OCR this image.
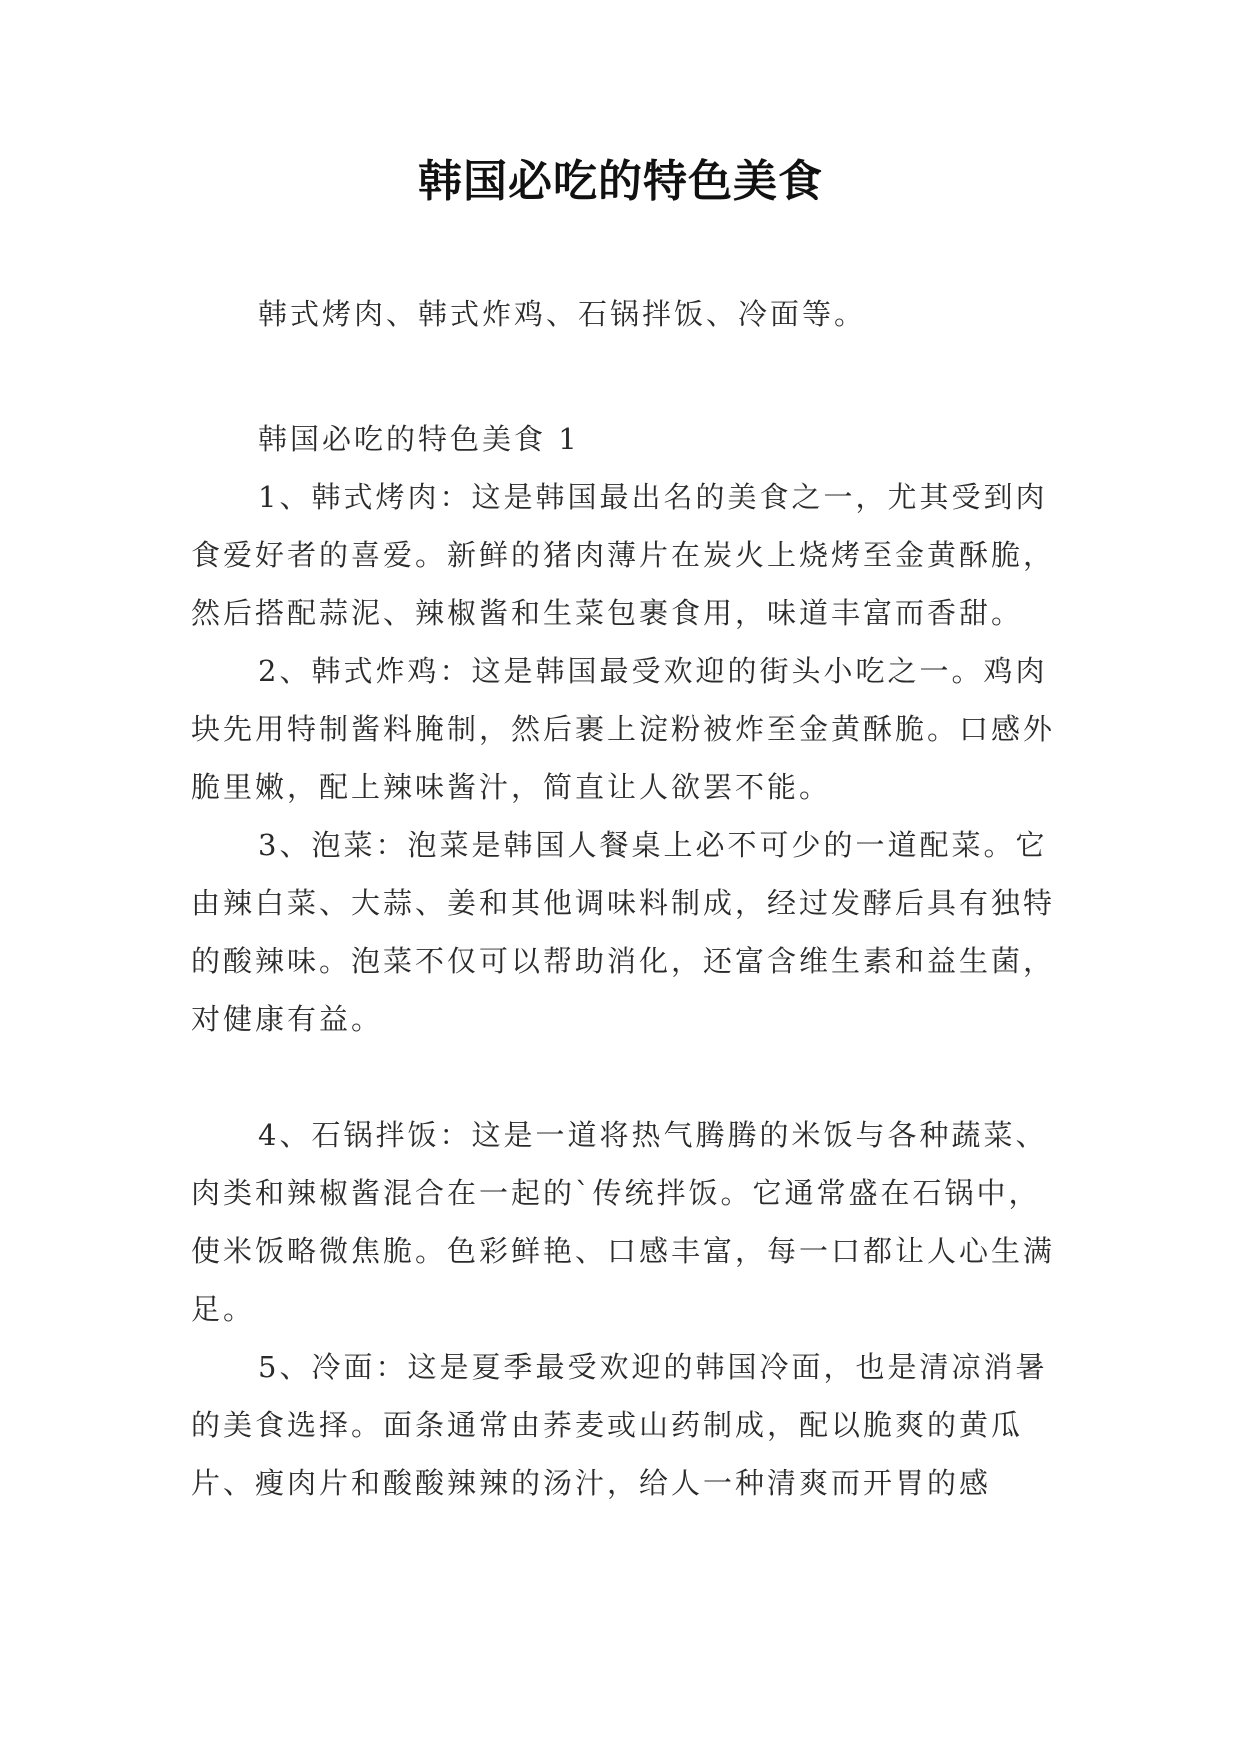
韩国必吃的特色美食

韩式烤肉、韩式炸鸡、石锅拌饭、冷面等。

韩国必吃的特色美食 1

1、韩式烤肉：这是韩国最出名的美食之一，尤其受到肉食爱好者的喜爱。新鲜的猪肉薄片在炭火上烧烤至金黄酥脆，然后搭配蒜泥、辣椒酱和生菜包裹食用，味道丰富而香甜。

2、韩式炸鸡：这是韩国最受欢迎的街头小吃之一。鸡肉块先用特制酱料腌制，然后裹上淀粉被炸至金黄酥脆。口感外脆里嫩，配上辣味酱汁，简直让人欲罢不能。

3、泡菜：泡菜是韩国人餐桌上必不可少的一道配菜。它由辣白菜、大蒜、姜和其他调味料制成，经过发酵后具有独特的酸辣味。泡菜不仅可以帮助消化，还富含维生素和益生菌，对健康有益。

4、石锅拌饭：这是一道将热气腾腾的米饭与各种蔬菜、肉类和辣椒酱混合在一起的`传统拌饭。它通常盛在石锅中，使米饭略微焦脆。色彩鲜艳、口感丰富，每一口都让人心生满足。

5、冷面：这是夏季最受欢迎的韩国冷面，也是清凉消暑的美食选择。面条通常由荞麦或山药制成，配以脆爽的黄瓜片、瘦肉片和酸酸辣辣的汤汁，给人一种清爽而开胃的感
